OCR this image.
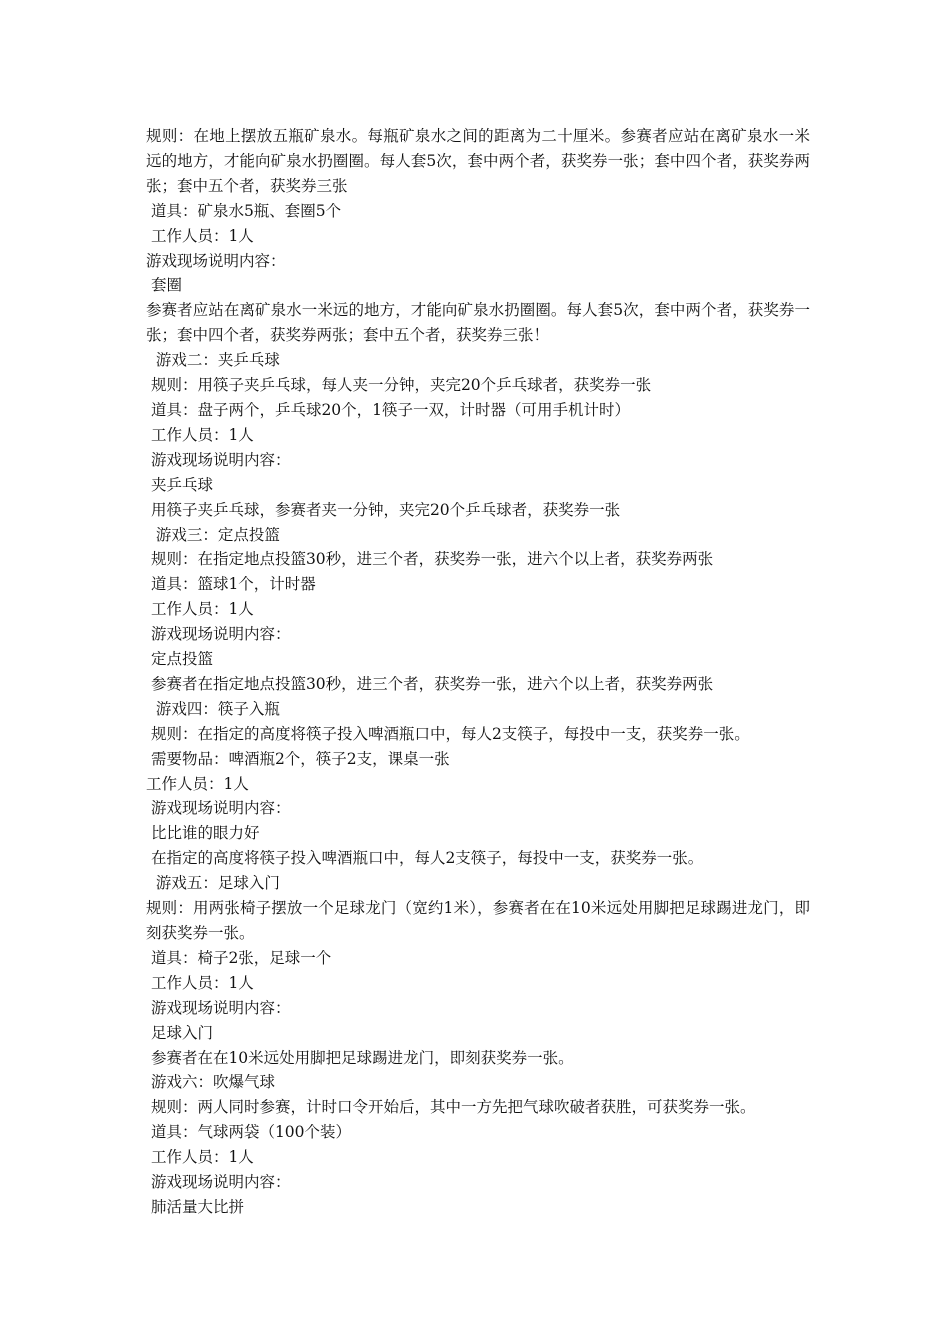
规则：在地上摆放五瓶矿泉水。每瓶矿泉水之间的距离为二十厘米。参赛者应站在离矿泉水一米远的地方，才能向矿泉水扔圈圈。每人套5次，套中两个者，获奖券一张；套中四个者，获奖券两张；套中五个者，获奖券三张
道具：矿泉水5瓶、套圈5个
工作人员：1人
游戏现场说明内容：
套圈
参赛者应站在离矿泉水一米远的地方，才能向矿泉水扔圈圈。每人套5次，套中两个者，获奖券一张；套中四个者，获奖券两张；套中五个者，获奖券三张！
游戏二：夹乒乓球
规则：用筷子夹乒乓球，每人夹一分钟，夹完20个乒乓球者，获奖券一张
道具：盘子两个，乒乓球20个，1筷子一双，计时器（可用手机计时）
工作人员：1人
游戏现场说明内容：
夹乒乓球
用筷子夹乒乓球，参赛者夹一分钟，夹完20个乒乓球者，获奖券一张
游戏三：定点投篮
规则：在指定地点投篮30秒，进三个者，获奖券一张，进六个以上者，获奖券两张
道具：篮球1个，计时器
工作人员：1人
游戏现场说明内容：
定点投篮
参赛者在指定地点投篮30秒，进三个者，获奖券一张，进六个以上者，获奖券两张
游戏四：筷子入瓶
规则：在指定的高度将筷子投入啤酒瓶口中，每人2支筷子，每投中一支，获奖券一张。
需要物品：啤酒瓶2个，筷子2支，课桌一张
工作人员：1人
游戏现场说明内容：
比比谁的眼力好
在指定的高度将筷子投入啤酒瓶口中，每人2支筷子，每投中一支，获奖券一张。
游戏五：足球入门
规则：用两张椅子摆放一个足球龙门（宽约1米），参赛者在在10米远处用脚把足球踢进龙门，即刻获奖券一张。
道具：椅子2张，足球一个
工作人员：1人
游戏现场说明内容：
足球入门
参赛者在在10米远处用脚把足球踢进龙门，即刻获奖券一张。
游戏六：吹爆气球
规则：两人同时参赛，计时口令开始后，其中一方先把气球吹破者获胜，可获奖券一张。
道具：气球两袋（100个装）
工作人员：1人
游戏现场说明内容：
肺活量大比拼
